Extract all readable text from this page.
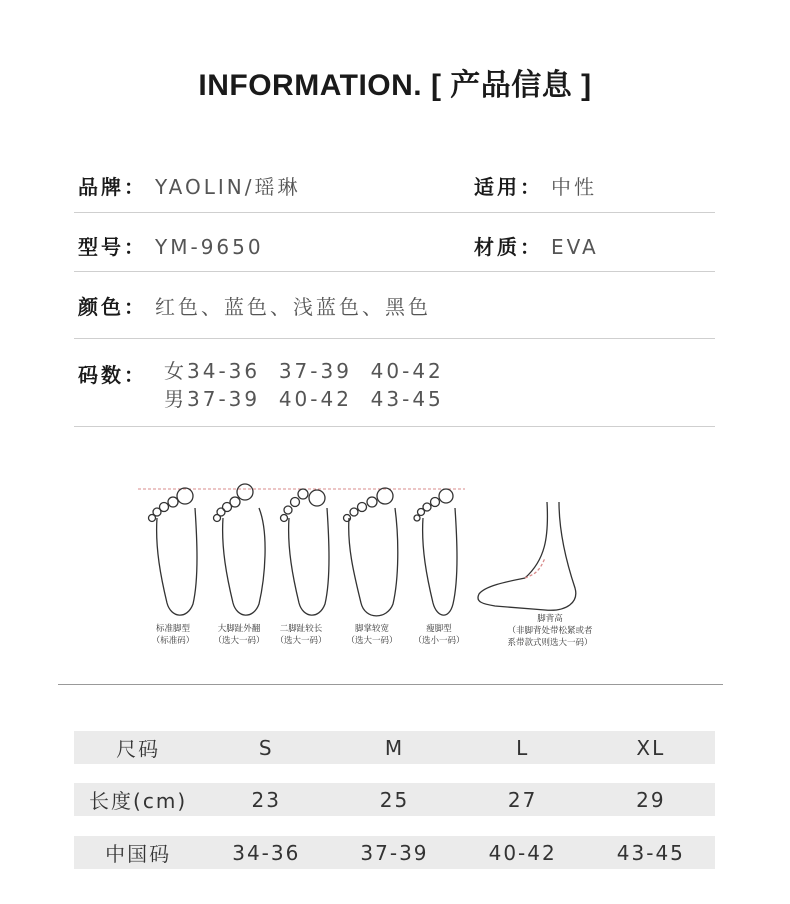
INFORMATION. [ 产品信息 ]
品牌： YAOLIN/瑶琳	适用： 中性
型号： YM-9650	材质： EVA
颜色： 红色、蓝色、浅蓝色、黑色
码数： 女34-36  37-39  40-42
男37-39  40-42  43-45
标准脚型
（标准码）
大脚趾外翻
（选大一码）
二脚趾较长
（选大一码）
脚掌较宽
（选大一码）
瘦脚型
（选小一码）
脚背高
（非脚背处带松紧或者
系带款式则选大一码）
尺码	S	M	L	XL
长度(cm)	23	25	27	29
中国码	34-36	37-39	40-42	43-45
